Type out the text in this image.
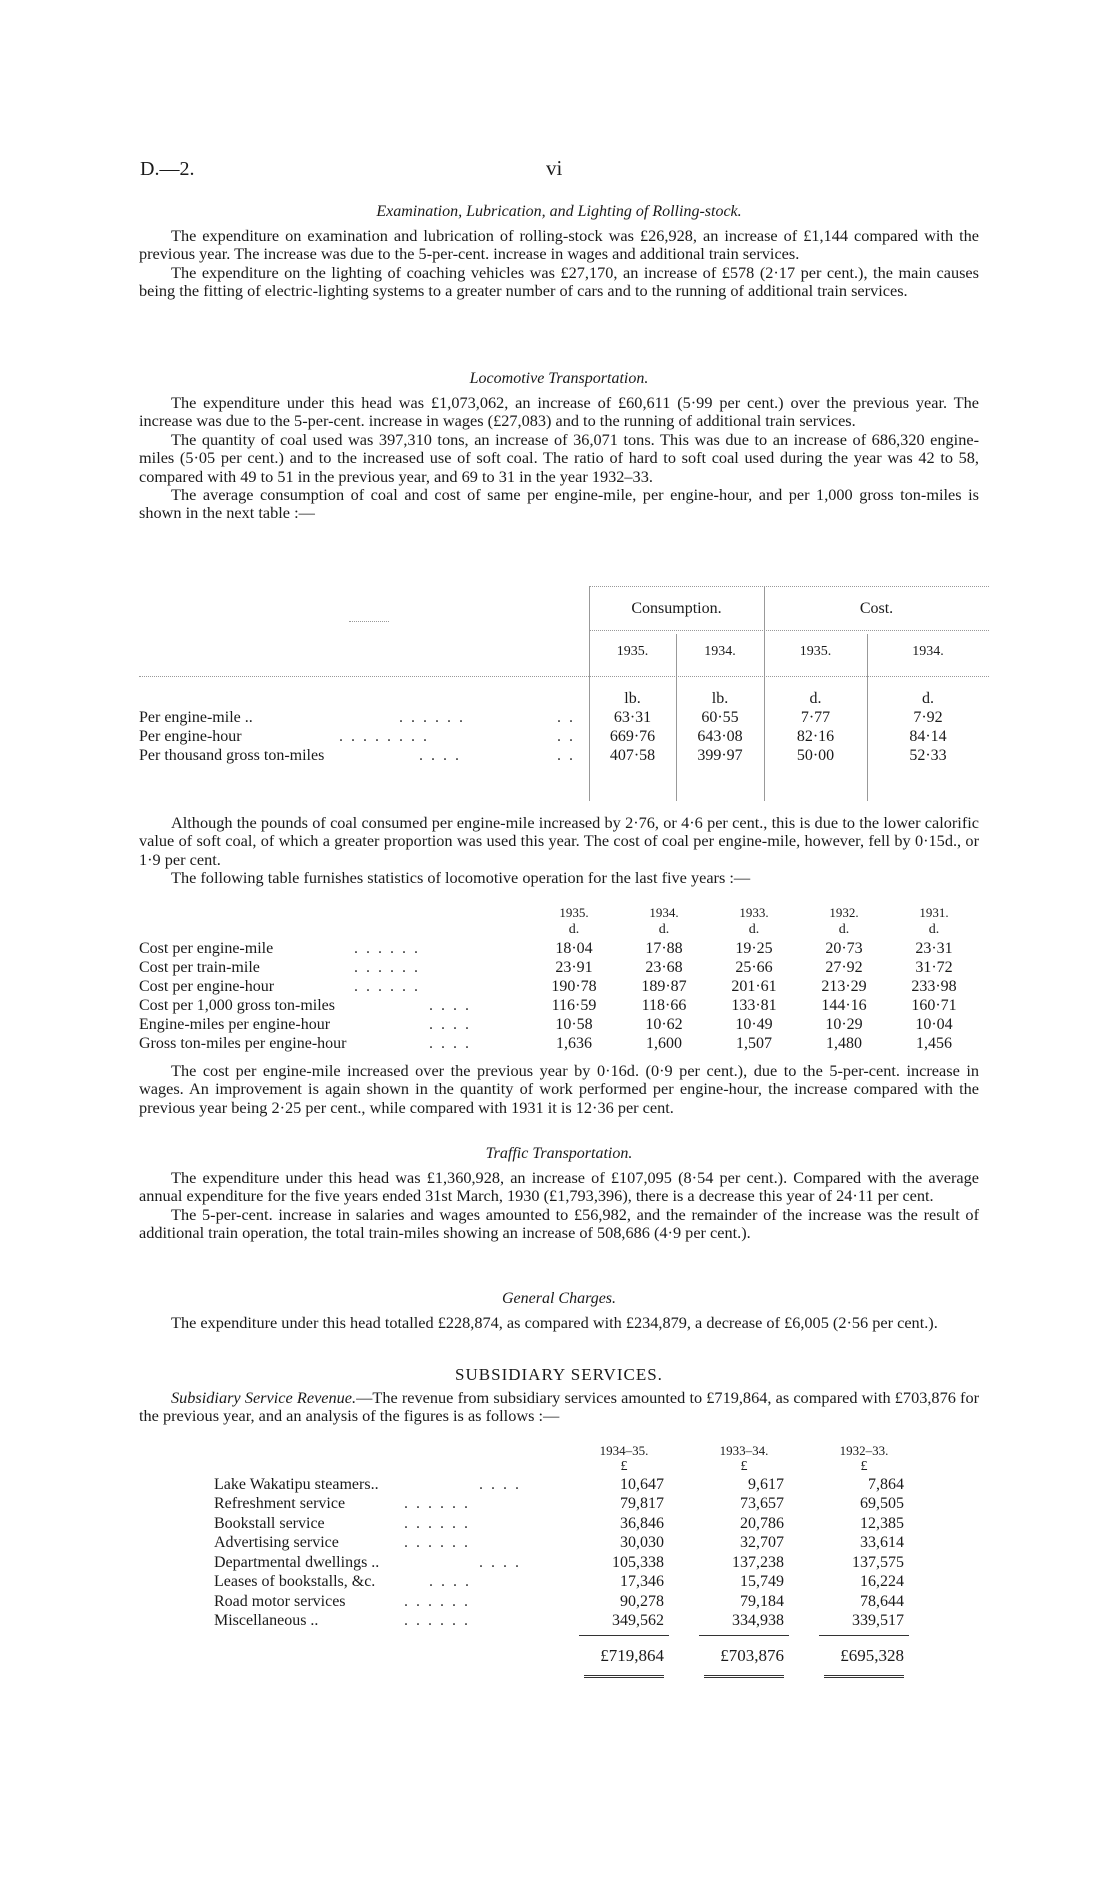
D.—2.	vi

Examination, Lubrication, and Lighting of Rolling-stock.

The expenditure on examination and lubrication of rolling-stock was £26,928, an increase of £1,144 compared with the previous year. The increase was due to the 5-per-cent. increase in wages and additional train services.

The expenditure on the lighting of coaching vehicles was £27,170, an increase of £578 (2·17 per cent.), the main causes being the fitting of electric-lighting systems to a greater number of cars and to the running of additional train services.

Locomotive Transportation.

The expenditure under this head was £1,073,062, an increase of £60,611 (5·99 per cent.) over the previous year. The increase was due to the 5-per-cent. increase in wages (£27,083) and to the running of additional train services.

The quantity of coal used was 397,310 tons, an increase of 36,071 tons. This was due to an increase of 686,320 engine-miles (5·05 per cent.) and to the increased use of soft coal. The ratio of hard to soft coal used during the year was 42 to 58, compared with 49 to 51 in the previous year, and 69 to 31 in the year 1932–33.

The average consumption of coal and cost of same per engine-mile, per engine-hour, and per 1,000 gross ton-miles is shown in the next table :—

Consumption.	Cost.
1935.	1934.	1935.	1934.
lb.	lb.	d.	d.
Per engine-mile ..	. . . . . .	. .	63·31	60·55	7·77	7·92
Per engine-hour	. . . . . . . .	. .	669·76	643·08	82·16	84·14
Per thousand gross ton-miles	. . . .	. .	407·58	399·97	50·00	52·33

Although the pounds of coal consumed per engine-mile increased by 2·76, or 4·6 per cent., this is due to the lower calorific value of soft coal, of which a greater proportion was used this year. The cost of coal per engine-mile, however, fell by 0·15d., or 1·9 per cent.

The following table furnishes statistics of locomotive operation for the last five years :—

1935.	1934.	1933.	1932.	1931.
d.	d.	d.	d.	d.
Cost per engine-mile	. . . . . .	18·04	17·88	19·25	20·73	23·31
Cost per train-mile	. . . . . .	23·91	23·68	25·66	27·92	31·72
Cost per engine-hour	. . . . . .	190·78	189·87	201·61	213·29	233·98
Cost per 1,000 gross ton-miles	. . . .	116·59	118·66	133·81	144·16	160·71
Engine-miles per engine-hour	. . . .	10·58	10·62	10·49	10·29	10·04
Gross ton-miles per engine-hour	. . . .	1,636	1,600	1,507	1,480	1,456

The cost per engine-mile increased over the previous year by 0·16d. (0·9 per cent.), due to the 5-per-cent. increase in wages. An improvement is again shown in the quantity of work performed per engine-hour, the increase compared with the previous year being 2·25 per cent., while compared with 1931 it is 12·36 per cent.

Traffic Transportation.

The expenditure under this head was £1,360,928, an increase of £107,095 (8·54 per cent.). Compared with the average annual expenditure for the five years ended 31st March, 1930 (£1,793,396), there is a decrease this year of 24·11 per cent.

The 5-per-cent. increase in salaries and wages amounted to £56,982, and the remainder of the increase was the result of additional train operation, the total train-miles showing an increase of 508,686 (4·9 per cent.).

General Charges.

The expenditure under this head totalled £228,874, as compared with £234,879, a decrease of £6,005 (2·56 per cent.).

SUBSIDIARY SERVICES.

Subsidiary Service Revenue.—The revenue from subsidiary services amounted to £719,864, as compared with £703,876 for the previous year, and an analysis of the figures is as follows :—

1934–35.	1933–34.	1932–33.
£	£	£
Lake Wakatipu steamers..	. . . .	10,647	9,617	7,864
Refreshment service	. . . . . .	79,817	73,657	69,505
Bookstall service	. . . . . .	36,846	20,786	12,385
Advertising service	. . . . . .	30,030	32,707	33,614
Departmental dwellings ..	. . . .	105,338	137,238	137,575
Leases of bookstalls, &c.	. . . .	17,346	15,749	16,224
Road motor services	. . . . . .	90,278	79,184	78,644
Miscellaneous ..	. . . . . .	349,562	334,938	339,517
£719,864	£703,876	£695,328
